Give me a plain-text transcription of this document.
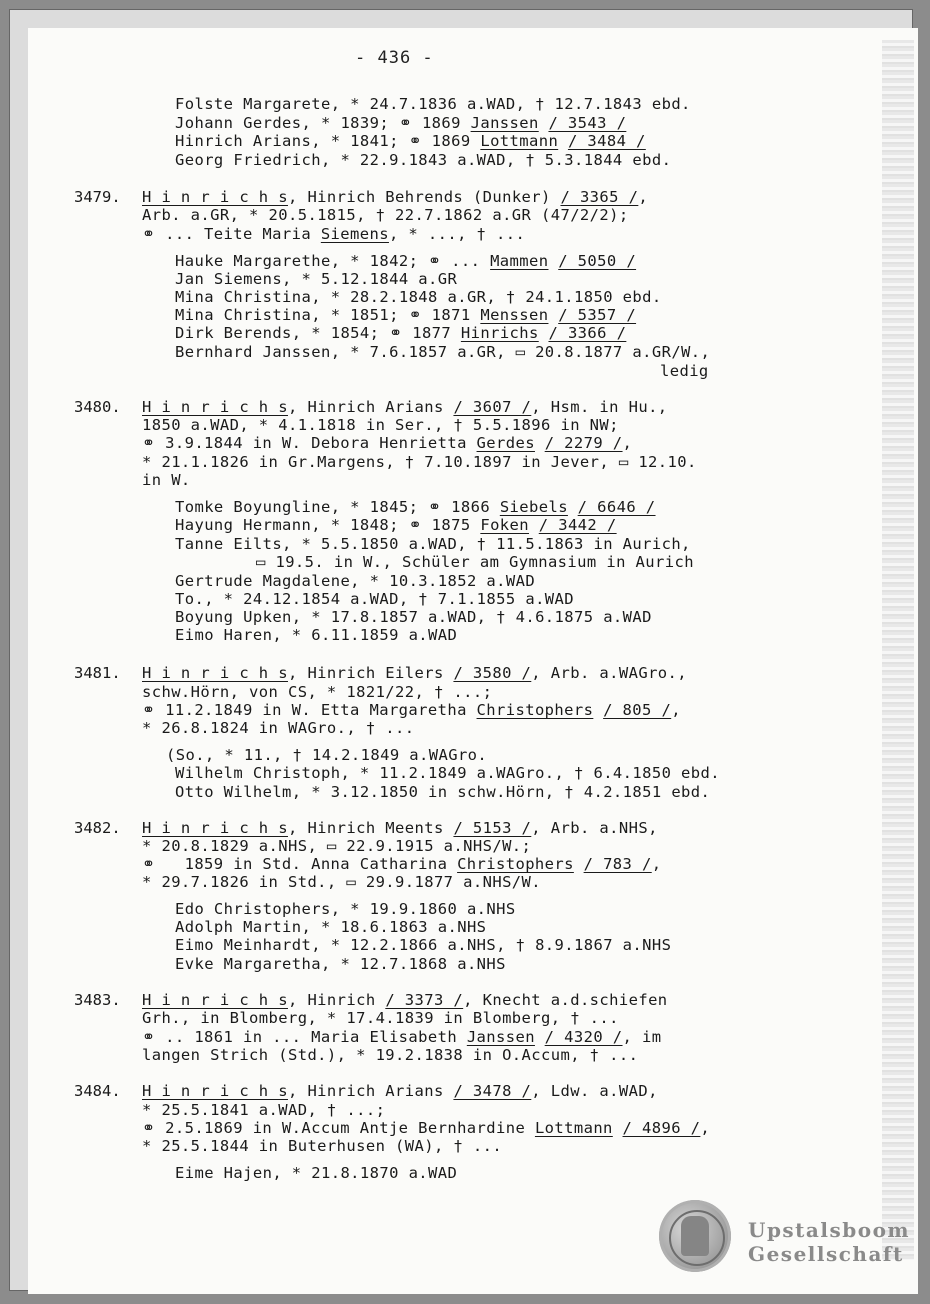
- 436 -
Folste Margarete, * 24.7.1836 a.WAD, † 12.7.1843 ebd.
Johann Gerdes, * 1839; ⚭ 1869 Janssen / 3543 /
Hinrich Arians, * 1841; ⚭ 1869 Lottmann / 3484 /
Georg Friedrich, * 22.9.1843 a.WAD, † 5.3.1844 ebd.
3479. H i n r i c h s, Hinrich Behrends (Dunker) / 3365 /,
Arb. a.GR, * 20.5.1815, † 22.7.1862 a.GR (47/2/2);
⚭ ... Teite Maria Siemens, * ..., † ...
Hauke Margarethe, * 1842; ⚭ ... Mammen / 5050 /
Jan Siemens, * 5.12.1844 a.GR
Mina Christina, * 28.2.1848 a.GR, † 24.1.1850 ebd.
Mina Christina, * 1851; ⚭ 1871 Menssen / 5357 /
Dirk Berends, * 1854; ⚭ 1877 Hinrichs / 3366 /
Bernhard Janssen, * 7.6.1857 a.GR, ▭ 20.8.1877 a.GR/W.,
ledig
3480. H i n r i c h s, Hinrich Arians / 3607 /, Hsm. in Hu.,
1850 a.WAD, * 4.1.1818 in Ser., † 5.5.1896 in NW;
⚭ 3.9.1844 in W. Debora Henrietta Gerdes / 2279 /,
* 21.1.1826 in Gr.Margens, † 7.10.1897 in Jever, ▭ 12.10.
in W.
Tomke Boyungline, * 1845; ⚭ 1866 Siebels / 6646 /
Hayung Hermann, * 1848; ⚭ 1875 Foken / 3442 /
Tanne Eilts, * 5.5.1850 a.WAD, † 11.5.1863 in Aurich,
▭ 19.5. in W., Schüler am Gymnasium in Aurich
Gertrude Magdalene, * 10.3.1852 a.WAD
To., * 24.12.1854 a.WAD, † 7.1.1855 a.WAD
Boyung Upken, * 17.8.1857 a.WAD, † 4.6.1875 a.WAD
Eimo Haren, * 6.11.1859 a.WAD
3481. H i n r i c h s, Hinrich Eilers / 3580 /, Arb. a.WAGro.,
schw.Hörn, von CS, * 1821/22, † ...;
⚭ 11.2.1849 in W. Etta Margaretha Christophers / 805 /,
* 26.8.1824 in WAGro., † ...
(So., * 11., † 14.2.1849 a.WAGro.
Wilhelm Christoph, * 11.2.1849 a.WAGro., † 6.4.1850 ebd.
Otto Wilhelm, * 3.12.1850 in schw.Hörn, † 4.2.1851 ebd.
3482. H i n r i c h s, Hinrich Meents / 5153 /, Arb. a.NHS,
* 20.8.1829 a.NHS, ▭ 22.9.1915 a.NHS/W.;
⚭   1859 in Std. Anna Catharina Christophers / 783 /,
* 29.7.1826 in Std., ▭ 29.9.1877 a.NHS/W.
Edo Christophers, * 19.9.1860 a.NHS
Adolph Martin, * 18.6.1863 a.NHS
Eimo Meinhardt, * 12.2.1866 a.NHS, † 8.9.1867 a.NHS
Evke Margaretha, * 12.7.1868 a.NHS
3483. H i n r i c h s, Hinrich / 3373 /, Knecht a.d.schiefen
Grh., in Blomberg, * 17.4.1839 in Blomberg, † ...
⚭ .. 1861 in ... Maria Elisabeth Janssen / 4320 /, im
langen Strich (Std.), * 19.2.1838 in O.Accum, † ...
3484. H i n r i c h s, Hinrich Arians / 3478 /, Ldw. a.WAD,
* 25.5.1841 a.WAD, † ...;
⚭ 2.5.1869 in W.Accum Antje Bernhardine Lottmann / 4896 /,
* 25.5.1844 in Buterhusen (WA), † ...
Eime Hajen, * 21.8.1870 a.WAD
Upstalsboom
Gesellschaft
